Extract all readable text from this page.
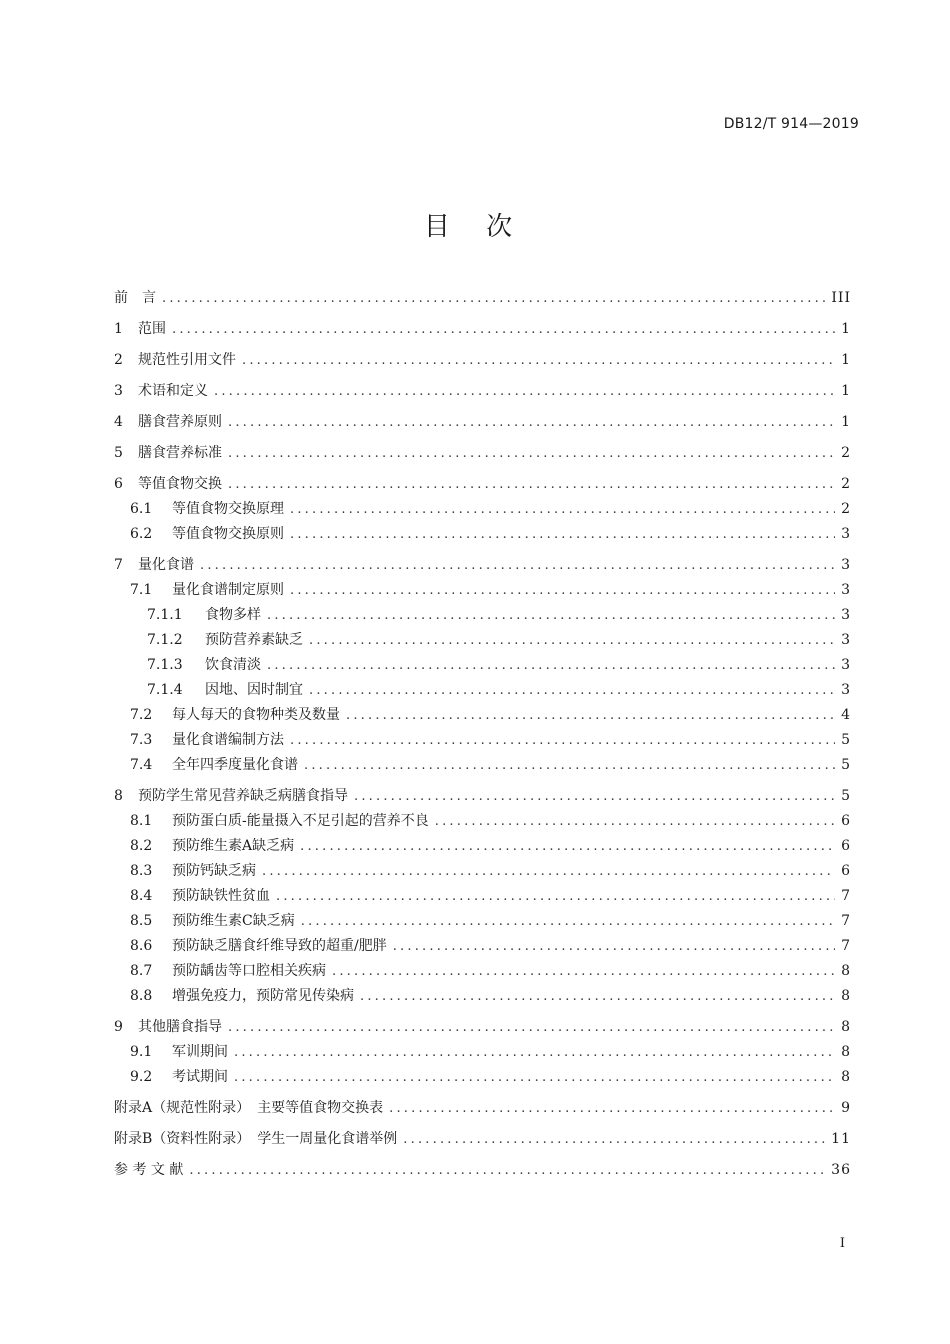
DB12/T 914—2019
目 次
前　言 .....	III
1	范围 .....	1
2	规范性引用文件 .....	1
3	术语和定义 .....	1
4	膳食营养原则 .....	1
5	膳食营养标准 .....	2
6	等值食物交换 .....	2
6.1	等值食物交换原理 .....	2
6.2	等值食物交换原则 .....	3
7	量化食谱 .....	3
7.1	量化食谱制定原则 .....	3
7.1.1	食物多样 .....	3
7.1.2	预防营养素缺乏 .....	3
7.1.3	饮食清淡 .....	3
7.1.4	因地、因时制宜 .....	3
7.2	每人每天的食物种类及数量 .....	4
7.3	量化食谱编制方法 .....	5
7.4	全年四季度量化食谱 .....	5
8	预防学生常见营养缺乏病膳食指导 .....	5
8.1	预防蛋白质-能量摄入不足引起的营养不良 .....	6
8.2	预防维生素A缺乏病 .....	6
8.3	预防钙缺乏病 .....	6
8.4	预防缺铁性贫血 .....	7
8.5	预防维生素C缺乏病 .....	7
8.6	预防缺乏膳食纤维导致的超重/肥胖 .....	7
8.7	预防龋齿等口腔相关疾病 .....	8
8.8	增强免疫力，预防常见传染病 .....	8
9	其他膳食指导 .....	8
9.1	军训期间 .....	8
9.2	考试期间 .....	8
附录A（规范性附录）　主要等值食物交换表 .....	9
附录B（资料性附录）　学生一周量化食谱举例 .....	11
参 考 文 献 .....	36
I
